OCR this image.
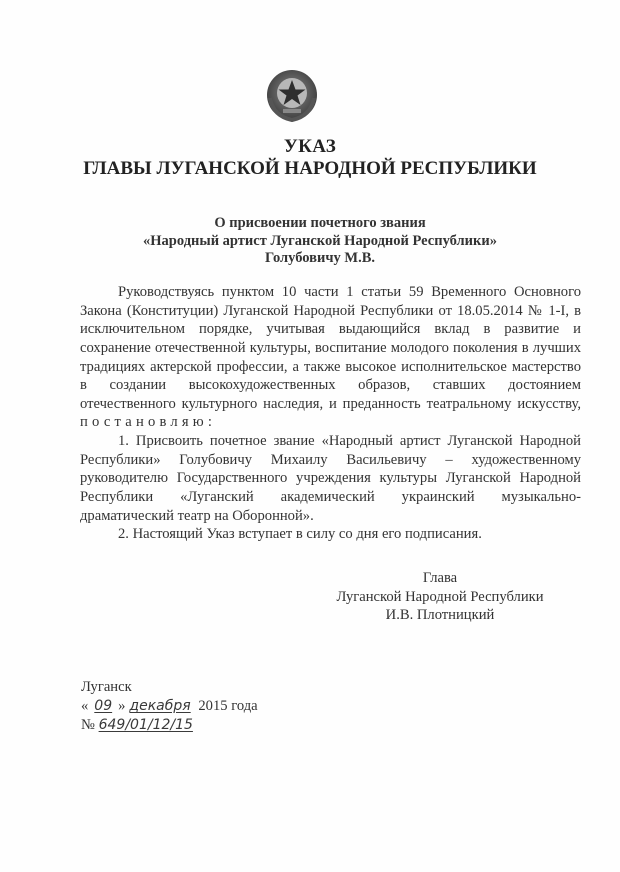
УКАЗ
ГЛАВЫ ЛУГАНСКОЙ НАРОДНОЙ РЕСПУБЛИКИ
О присвоении почетного звания
«Народный артист Луганской Народной Республики»
Голубовичу М.В.
Руководствуясь пунктом 10 части 1 статьи 59 Временного Основного
Закона (Конституции) Луганской Народной Республики от 18.05.2014 № 1-I, в
исключительном порядке, учитывая выдающийся вклад в развитие и
сохранение отечественной культуры, воспитание молодого поколения в лучших
традициях актерской профессии, а также высокое исполнительское мастерство
в создании высокохудожественных образов, ставших достоянием
отечественного культурного наследия, и преданность театральному искусству,
постановляю:
1. Присвоить почетное звание «Народный артист Луганской Народной
Республики» Голубовичу Михаилу Васильевичу – художественному
руководителю Государственного учреждения культуры Луганской Народной
Республики «Луганский академический украинский музыкально-
драматический театр на Оборонной».
2. Настоящий Указ вступает в силу со дня его подписания.
Глава
Луганской Народной Республики
И.В. Плотницкий
Луганск
« 09 » декабря 2015 года
№ 649/01/12/15
